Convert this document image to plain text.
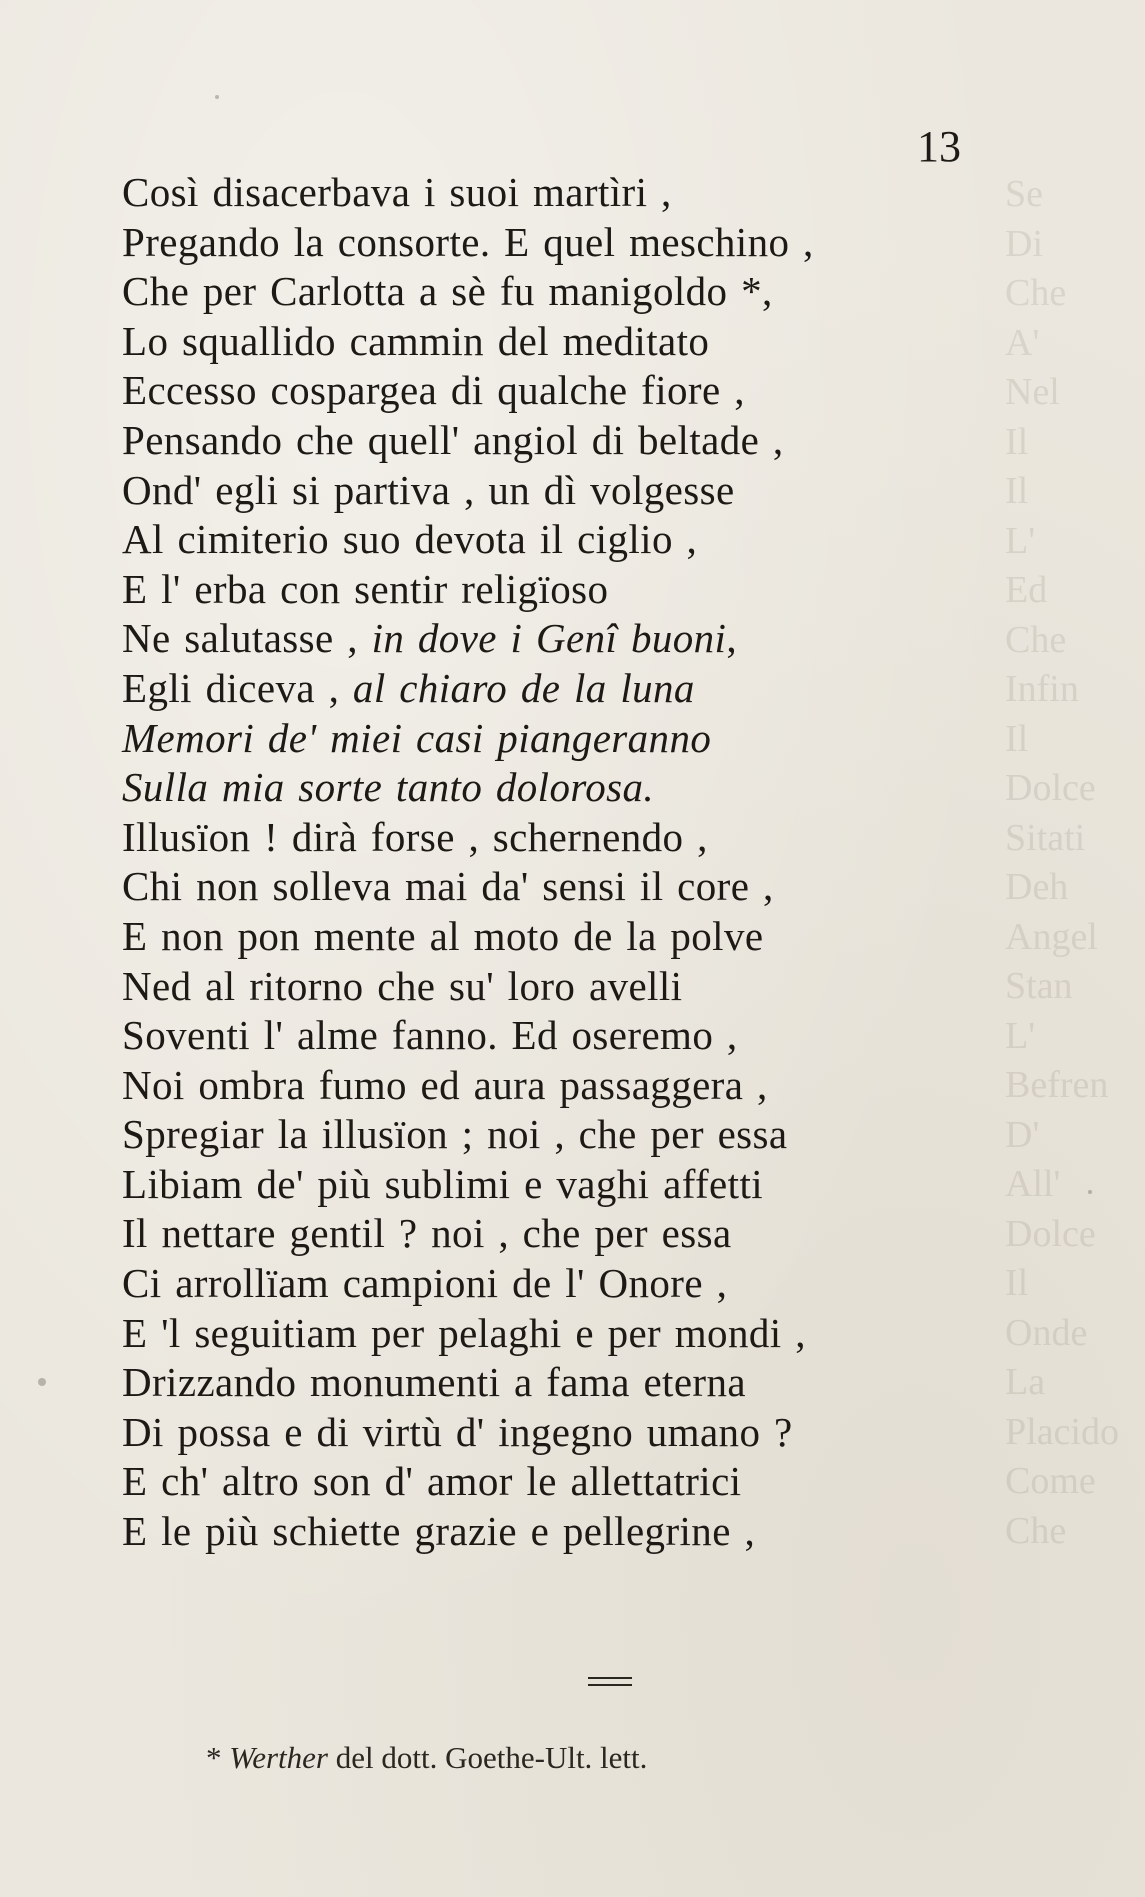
Se
Di
Che
A'
Nel
Il
Il
L'
Ed
Che
Infin
Il
Dolce
Sitati
Deh
Angel
Stan
L'
Befren
D'
All'
Dolce
Il
Onde
La
Placido
Come
Che
13
Così disacerbava i suoi martìri ,
Pregando la consorte. E quel meschino ,
Che per Carlotta a sè fu manigoldo *,
Lo squallido cammin del meditato
Eccesso cospargea di qualche fiore ,
Pensando che quell' angiol di beltade ,
Ond' egli si partiva , un dì volgesse
Al cimiterio suo devota il ciglio ,
E l' erba con sentir religïoso
Ne salutasse , in dove i Genî buoni,
Egli diceva , al chiaro de la luna
Memori de' miei casi piangeranno
Sulla mia sorte tanto dolorosa.
Illusïon ! dirà forse , schernendo ,
Chi non solleva mai da' sensi il core ,
E non pon mente al moto de la polve
Ned al ritorno che su' loro avelli
Soventi l' alme fanno. Ed oseremo ,
Noi ombra fumo ed aura passaggera ,
Spregiar la illusïon ; noi , che per essa
Libiam de' più sublimi e vaghi affetti
Il nettare gentil ? noi , che per essa
Ci arrollïam campioni de l' Onore ,
E 'l seguitiam per pelaghi e per mondi ,
Drizzando monumenti a fama eterna
Di possa e di virtù d' ingegno umano ?
E ch' altro son d' amor le allettatrici
E le più schiette grazie e pellegrine ,
* Werther del dott. Goethe-Ult. lett.
